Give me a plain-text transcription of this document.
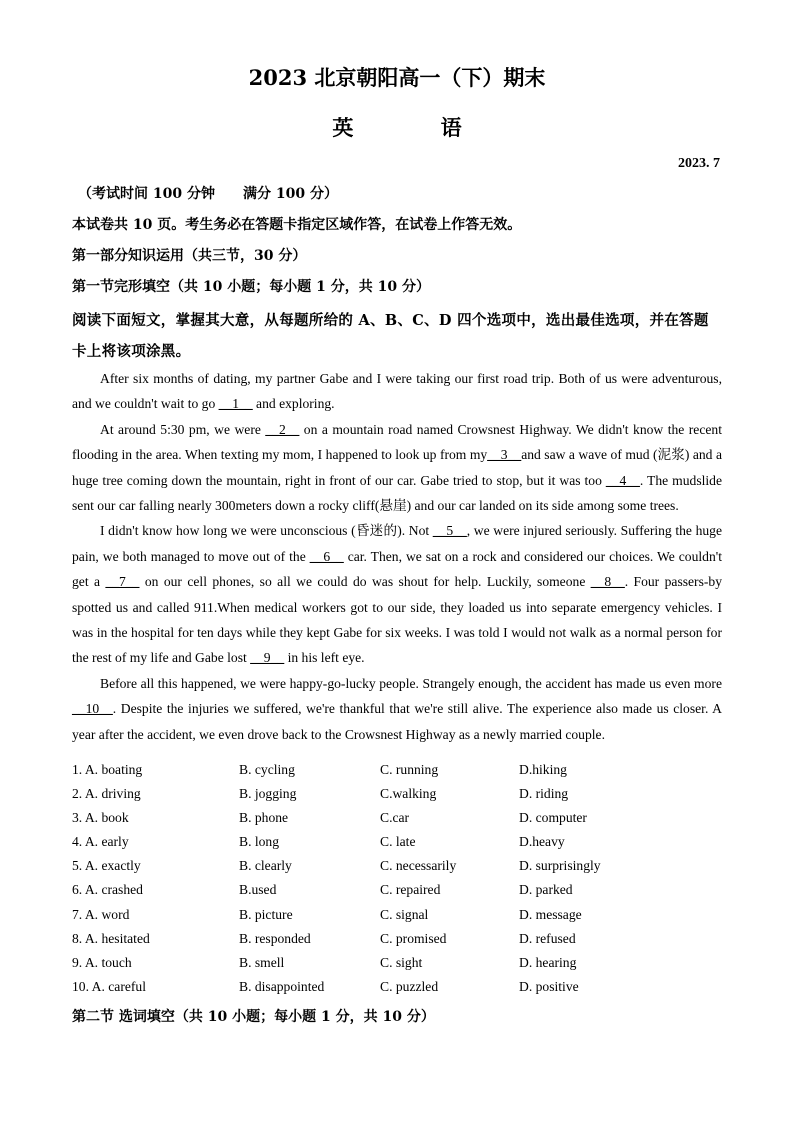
2023 北京朝阳高一（下）期末
英 语
2023. 7
（考试时间 100 分钟　　满分 100 分）
本试卷共 10 页。考生务必在答题卡指定区域作答，在试卷上作答无效。
第一部分知识运用（共三节，30 分）
第一节完形填空（共 10 小题；每小题 1 分，共 10 分）
阅读下面短文，掌握其大意，从每题所给的 A、B、C、D 四个选项中，选出最佳选项，并在答题卡上将该项涂黑。

After six months of dating, my partner Gabe and I were taking our first road trip. Both of us were adventurous, and we couldn't wait to go __1__ and exploring.

At around 5:30 pm, we were __2__ on a mountain road named Crowsnest Highway. We didn't know the recent flooding in the area. When texting my mom, I happened to look up from my__3__and saw a wave of mud (泥浆) and a huge tree coming down the mountain, right in front of our car. Gabe tried to stop, but it was too __4__. The mudslide sent our car falling nearly 300meters down a rocky cliff(悬崖) and our car landed on its side among some trees.

I didn't know how long we were unconscious (昏迷的). Not __5__, we were injured seriously. Suffering the huge pain, we both managed to move out of the __6__ car. Then, we sat on a rock and considered our choices. We couldn't get a __7__ on our cell phones, so all we could do was shout for help. Luckily, someone __8__. Four passers-by spotted us and called 911.When medical workers got to our side, they loaded us into separate emergency vehicles. I was in the hospital for ten days while they kept Gabe for six weeks. I was told I would not walk as a normal person for the rest of my life and Gabe lost __9__ in his left eye.

Before all this happened, we were happy-go-lucky people. Strangely enough, the accident has made us even more __10__. Despite the injuries we suffered, we're thankful that we're still alive. The experience also made us closer. A year after the accident, we even drove back to the Crowsnest Highway as a newly married couple.

1. A. boating	B. cycling	C. running	D.hiking
2. A. driving	B. jogging	C.walking	D. riding
3. A. book	B. phone	C.car	D. computer
4. A. early	B. long	C. late	D.heavy
5. A. exactly	B. clearly	C. necessarily	D. surprisingly
6. A. crashed	B.used	C. repaired	D. parked
7. A. word	B. picture	C. signal	D. message
8. A. hesitated	B. responded	C. promised	D. refused
9. A. touch	B. smell	C. sight	D. hearing
10. A. careful	B. disappointed	C. puzzled	D. positive
第二节 选词填空（共 10 小题；每小题 1 分，共 10 分）
